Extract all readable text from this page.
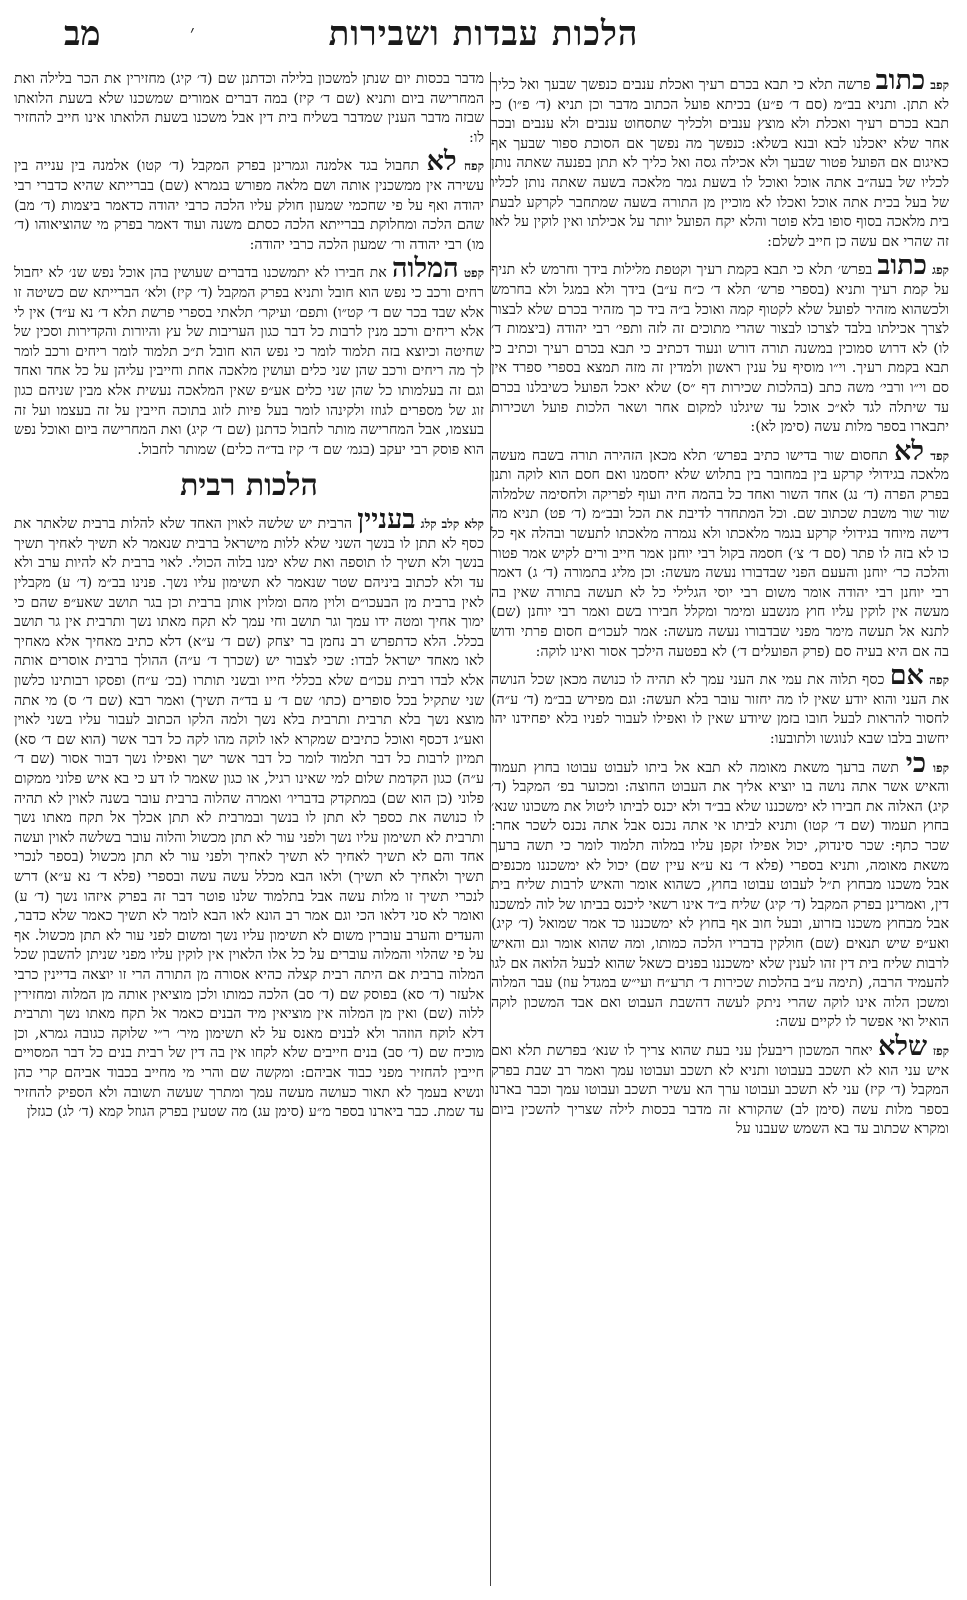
הלכות עבדות ושבירות
מב	׳

קפב כתוב פרשה תלא כי תבא בכרם רעיך ואכלת ענבים כנפשך שבעך ואל כליך לא תתן. ותניא בב״מ (סם ד׳ פ״ע) בכיתא פועל הכתוב מדבר וכן תניא (ד׳ פ״ו) כי תבא בכרם רעיך ואכלת ולא מוצץ ענבים ולכליך שתסחוט ענבים ולא ענבים ובכר אחר שלא יאכלנו לבא ובנא בשלא: כנפשך מה נפשך אם הסוכת ספור שבעך אף כאיגום אם הפועל פטור שבעך ולא אכילה גסה ואל כליך לא תתן בפנעה שאתה נותן לכליו של בעה״ב אתה אוכל ואוכל לו בשעת גמר מלאכה בשעה שאתה נותן לכליו של בעל בכית אתה אוכל ואכלו לא מוכיין מן התורה בשעה שמתחבר לקרקע לבעת בית מלאכה בסוף סופו בלא פוטר והלא יקח הפועל יותר על אכילתו ואין לוקין על לאו זה שהרי אם עשה כן חייב לשלם:

קפג כתוב בפרש׳ תלא כי תבא בקמת רעיך וקטפת מלילות בידך וחרמש לא תניף על קמת רעיך ותניא (בספרי פרש׳ תלא ד׳ כ״ח ע״ב) בידך ולא במגל ולא בחרמש ולכשהוא מזהיר לפועל שלא לקטוף קמה ואוכל ב״ה ביד כך מזהיר בכרם שלא לבצור לצרך אכילתו בלבד לצרכו לבצור שהרי מתוכים זה לזה ותפי׳ רבי יהודה (ביצמות ד׳ לו) לא דרוש סמוכין במשנה תורה דורש ונעוד דכתיב כי תבא בכרם רעיך וכתיב כי תבא בקמת רעיך. וי״ו מוסיף על ענין ראשון ולמדין זה מזה תמצא בספרי ספרד אין סם וי״ו ורבי׳ משה כתב (בהלכות שכירות דף ״ס) שלא יאכל הפועל כשיבלנו בכרם עד שיתלה לגד לא״כ אוכל עד שיגלנו למקום אחר ושאר הלכות פועל ושכירות יתבארו בספר מלות עשה (סימן לא):

קפד לא תחסום שור בדישו כתיב בפרש׳ תלא מכאן הזהירה תורה בשבח מעשה מלאכה בגידולי קרקע בין במחובר בין בתלוש שלא יחסמנו ואם חסם הוא לוקה ותנן בפרק הפרה (ד׳ נג) אחד השור ואחד כל בהמה חיה ועוף לפריקה ולחסימה שלמלוה שור שור משבת שכתוב שם. וכל המתחדר לדיבת את הכל ובב״מ (ד׳ פט) תניא מה דישה מיוחד בגידולי קרקע בגמר מלאכתו ולא נגמרה מלאכתו לתעשר ובהלה אף כל כו לא בזה לו פתר (סם ד׳ צ׳) חסמה בקול רבי יוחנן אמר חייב ורים לקיש אמר פטור והלכה כר׳ יוחנן והעעם הפני שבדבורו נעשה מעשה: וכן מליג בתמורה (ד׳ ג) דאמר רבי יוחנן רבי יהודה אומר משום רבי יוסי הגלילי כל לא תעשה בתורה שאין בה מעשה אין לוקין עליו חוץ מנשבע ומימר ומקלל חבירו בשם ואמר רבי יוחנן (שם) לתנא אל תעשה מימר מפני שבדבורו נעשה מעשה: אמר לעכו״ם חסום פרתי ודוש בה אם היא בעיה סם (פרק הפועלים ד׳) לא בפטעה הילכך אסור ואינו לוקה:

קפה אם כסף תלוה את עמי את העני עמך לא תהיה לו כנושה מכאן שכל הנושה את העני והוא יודע שאין לו מה יחזור עובר בלא תעשה: וגם מפירש בב״מ (ד׳ ע״ה) לחסור להראות לבעל חובו בזמן שיודע שאין לו ואפילו לעבור לפניו בלא יפחידנו יהו יחשוב בלבו שבא לנוגשו ולתובעו:

קפו כי תשה ברעך משאת מאומה לא תבא אל ביתו לעבוט עבוטו בחוץ תעמוד והאיש אשר אתה נושה בו יוציא אליך את העבוט החוצה: ומכוער בפ׳ המקבל (ד׳ קיג) האלוה את חבירו לא ימשכננו שלא בב״ד ולא יכנס לביתו ליטול את משכונו שנא׳ בחוץ תעמוד (שם ד׳ קטו) ותניא לביתו אי אתה נכנס אבל אתה נכנס לשכר אחר: שכר כתף: שכר סינדוק, יכול אפילו זקפן עליו במלוה תלמוד לומר כי תשה ברעך משאת מאומה, ותניא בספרי (פלא ד׳ נא ע״א עיין שם) יכול לא ימשכננו מכנפים אבל משכנו מבחוץ ת״ל לעבוט עבוטו בחוץ, כשהוא אומר והאיש לרבות שליח בית דין, ואמרינן בפרק המקבל (ד׳ קיג) שליח ב״ד אינו רשאי ליכנס בביתו של לוה למשכנו אבל מבחוץ משכנו בזרוע, ובעל חוב אף בחוץ לא ימשכננו כד אמר שמואל (ד׳ קיג) ואע״פ שיש תנאים (שם) חולקין בדבריו הלכה כמותו, ומה שהוא אומר וגם והאיש לרבות שליח בית דין זהו לענין שלא ימשכננו בפנים כשאל שהוא לבעל הלואה אם לגו להעמיד הרבה, (תימה ע״ב בהלכות שכירות ד׳ תרע״ח ועי״ש במגדל עוז) עבר המלוה ומשכן הלוה אינו לוקה שהרי ניתק לעשה דהשבת העבוט ואם אבד המשכון לוקה הואיל ואי אפשר לו לקיים עשה:

קפז שלא יאחר המשכון ריבעלן עני בעת שהוא צריך לו שנא׳ בפרשת תלא ואם איש עני הוא לא תשכב בעבוטו ותניא לא תשכב ועבוטו עמך ואמר רב שבת בפרק המקבל (ד׳ קיז) עני לא תשכב ועבוטו ערך הא עשיר תשכב ועבוטו עמך וכבר בארנו בספר מלות עשה (סימן לב) שהקורא זה מדבר בכסות לילה שצריך להשכין ביום ומקרא שכתוב עד בא השמש שעבנו על

מדבר בכסות יום שנתן למשכון בלילה וכדתנן שם (ד׳ קיג) מחזירין את הכר בלילה ואת המחרישה ביום ותניא (שם ד׳ קיז) במה דברים אמורים שמשכנו שלא בשעת הלואתו שבזה מדבר הענין שמדבר בשליח בית דין אבל משכנו בשעת הלואתו אינו חייב להחזיר לו:

קפח לא תחבול בגד אלמנה וגמרינן בפרק המקבל (ד׳ קטו) אלמנה בין ענייה בין עשירה אין ממשכנין אותה ושם מלאה מפורש בגמרא (שם) בברייתא שהיא כדברי רבי יהודה ואף על פי שחכמי שמעון חולק עליו הלכה כרבי יהודה כדאמר ביצמות (ד׳ מב) שהם הלכה ומחלוקת בברייתא הלכה כסתם משנה ועוד דאמר בפרק מי שהוציאוהו (ד׳ מו) רבי יהודה ור׳ שמעון הלכה כרבי יהודה:

קפט המלוה את חבירו לא יתמשכנו בדברים שעושין בהן אוכל נפש שנ׳ לא יחבול רחים ורכב כי נפש הוא חובל ותניא בפרק המקבל (ד׳ קיז) ולא׳ הברייתא שם כשיטה זו אלא שבד בכר שם ד׳ קט״ו) ותפם׳ ועיקר׳ תלאתי בספרי פרשת תלא ד׳ נא ע״ד) אין לי אלא ריחים ורכב מנין לרבות כל דבר כגון העריבות של עץ והיורות והקדירות וסכין של שחיטה וכיוצא בזה תלמוד לומר כי נפש הוא חובל ת״כ תלמוד לומר ריחים ורכב לומר לך מה ריחים ורכב שהן שני כלים ועושין מלאכה אחת וחייבין עליהן על כל אחד ואחד וגם זה בעלמותו כל שהן שני כלים אע״פ שאין המלאכה נעשית אלא מבין שניהם כגון זוג של מספרים לגוזז ולקינהו לומר בעל פיות לזוג בתוכה חייבין על זה בעצמו ועל זה בעצמו, אבל המחרישה מותר לחבול כדתנן (שם ד׳ קיג) ואת המחרישה ביום ואוכל נפש הוא פוסק רבי יעקב (בגמ׳ שם ד׳ קיז בד״ה כלים) שמותר לחבול.

הלכות רבית

קלא קלב קלג בעניין הרבית יש שלשה לאוין האחד שלא להלות ברבית שלאתר את כסף לא תתן לו בנשך השני שלא ללות מישראל ברבית שנאמר לא תשיך לאחיך תשיך בנשך ולא תשיך לו תוספה ואת שלא ימנו בלוה הכולי. לאוי ברבית לא להיות ערב ולא עד ולא לכתוב ביניהם שטר שנאמר לא תשימון עליו נשך. פנינו בב״מ (ד׳ ע) מקבלין לאין ברבית מן הבעכו״ם ולוין מהם ומלוין אותן ברבית וכן בגר תושב שאע״פ שהם כי ימוך אחיך ומטה ידו עמך וגר תושב וחי עמך לא תקח מאתו נשך ותרבית אין גר תושב בכלל. הלא כדתפרש רב נחמן בר יצחק (שם ד׳ ע״א) דלא כתיב מאחיך אלא מאחיך לאו מאחד ישראל לבדו: שכי לצבור יש (שכרך ד׳ ע״ה) ההולך ברבית אוסרים אותה אלא לבדו רבית עכו״ם שלא בכללי חייו ובשני תותרו (בכ׳ ע״ח) ופסקו רבותינו כלשון שני שתקיל בכל סופרים (כתו׳ שם ד׳ ע בד״ה תשיך) ואמר רבא (שם ד׳ ס) מי אתה מוצא נשך בלא תרבית ותרבית בלא נשך ולמה הלקו הכתוב לעבור עליו בשני לאוין ואע״ג דכסף ואוכל כתיבים שמקרא לאו לוקה מהו לקה כל דבר אשר (הוא שם ד׳ סא) תמיון לרבות כל דבר תלמוד לומר כל דבר אשר ישך ואפילו נשך דבור אסור (שם ד׳ ע״ה) כגון הקדמת שלום למי שאינו רגיל, או כגון שאמר לו דע כי בא איש פלוני ממקום פלוני (כן הוא שם) במתקדק בדבריו׳ ואמרה שהלוה ברבית עובר בשנה לאוין לא תהיה לו כנושה את כספך לא תתן לו בנשך ובמרבית לא תתן אכלך אל תקח מאתו נשך ותרבית לא תשימון עליו נשך ולפני עור לא תתן מכשול והלוה עובר בשלשה לאוין ועשה אחד והם לא תשיך לאחיך לא תשיך לאחיך ולפני עור לא תתן מכשול (בספר לנכרי תשיך ולאחיך לא תשיך) ולאו הבא מכלל עשה עשה ובספרי (פלא ד׳ נא ע״א) דרש לנכרי תשיך זו מלות עשה אבל בתלמוד שלנו פוטר דבר זה בפרק איזהו נשך (ד׳ ע) ואומר לא סני דלאו הכי וגם אמר רב הונא לאו הבא לומר לא תשיך כאמר שלא כדבר, והעדים והערב עוברין משום לא תשימון עליו נשך ומשום לפני עור לא תתן מכשול. אף על פי שהלוי והמלוה עוברים על כל אלו הלאוין אין לוקין עליו מפני שניתן להשבון שכל המלוה ברבית אם היתה רבית קצלה כהיא אסורה מן התורה הרי זו יוצאה בדיינין כרבי אלעזר (ד׳ סא) בפוסק שם (ד׳ סב) הלכה כמותו ולכן מוציאין אותה מן המלוה ומחזירין ללוה (שם) ואין מן המלוה אין מוציאין מיד הבנים כאמר אל תקח מאתו נשך ותרבית דלא לוקח הוזהר ולא לבנים מאנס על לא תשימון מיר׳ ר״י שלוקה כגובה גמרא, וכן מוכיח שם (ד׳ סב) בנים חייבים שלא לקחו אין בה דין של רבית בנים כל דבר המסויים חייבין להחזיר מפני כבוד אביהם: ומקשה שם והרי מי מחייב בכבוד אביהם קרי כהן ונשיא בעמך לא תאור כעושה מעשה עמך ומתרך שעשה תשובה ולא הספיק להחזיר עד שמת. כבר ביארנו בספר מ״ע (סימן עג) מה שטעין בפרק הגוזל קמא (ד׳ לג) כגזלן
